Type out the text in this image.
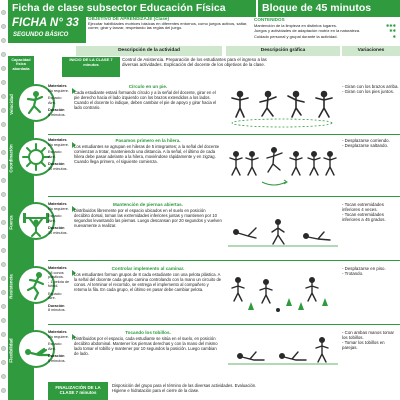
Ficha de clase subsector Educación Física	Bloque de 45 minutos
FICHA N° 33
SEGUNDO BÁSICO
OBJETIVO DE APRENDIZAJE (Clase)
Ejecutar habilidades motrices básicas en diferentes entornos, como juegos activos, saltar, correr, girar y lanzar, respetando las reglas del juego.
CONTENIDOS
Mantención de la limpieza en distintos lugares.	✱✱✱
Juegos y actividades de adaptación motriz en la naturaleza.	✱✱
Cuidado personal y grupal durante la actividad.	✱
Descripción de la actividad	Descripción gráfica	Variaciones
Capacidad física abordada
INICIO DE LA CLASE 7 minutos
Control de Asistencia. Preparación de los estudiantes para el ingreso a las diversas actividades. Explicación del docente de los objetivos de la clase.
Velocidad
Materiales
No requiere.
Espacio Aire.
Duración
8 minutos.
Círculo en un pie.

Cada estudiante estará formando círculo y a la señal del docente, girar en el pie derecho hacia el lado izquierdo con los brazos extendidos a los lados. Cuando el docente lo indique, deben cambiar el pie de apoyo y girar hacia el lado contrario.

- Giran con los brazos arriba.
- Giran con los pies juntos.
Coordinación
Materiales
No requiere.
Espacio Aire.
Duración
10 minutos.
Pasamos primero en la hilera.

Los estudiantes se agrupan en hileras de 5 integrantes; a la señal del docente comienzan a trotar, manteniendo una distancia. A la señal, el último de cada hilera debe pasar adelante a la hilera, moviéndose rápidamente y en zigzag. Cuando llega primero, el siguiente comienza.

- Desplazarse corriendo.
- Desplazarse saltando.
Fuerza
Materiales
No requiere.
Espacio Aire.
Duración
10 minutos.
Mantención de piernas abiertas.

Distribuidos libremente por el espacio ubicados en el suelo en posición decúbito dorsal, toman las extremidades inferiores juntas y mantienen por 10 segundos levantando las piernas. Luego descansan por 20 segundos y vuelven nuevamente a realizar.

- Tocan extremidades inferiores 4 veces.
- Tocan extremidades inferiores a 45 grados.
Resistencia
Materiales
- 8 conos plásticos.
- 1 pelota de fútbol.
Espacio Aire.
Duración
8 minutos.
Controlar implemento al caminar.

Los estudiantes forman grupos de 8 cada estudiante con una pelota plástica. A la señal del docente cada grupo camina controlando con la mano un circuito de conos. Al terminar el recorrido, se entrega el implemento al compañero y retoma la fila. En cada grupo, el último en pasar debe cambiar pelota.

- Desplazarse en piso.
- Trotando.
Flexibilidad
Materiales
No requiere.
Espacio Aire.
Duración
5 minutos.
Tocando los tobillos.

Distribuidos por el espacio, cada estudiante se sitúa en el suelo, en posición decúbito abdominal. Mantener los piernas derechas y con la mano del mismo lado tomar el tobillo y mantener por 10 segundos la posición. Luego cambian de lado.

- Con ambas manos tomar los tobillos.
- Tomar los tobillos en parejas.
FINALIZACIÓN DE LA CLASE 7 minutos
Disposición del grupo para el término de las diversas actividades. Evaluación. Higiene e hidratación para el cierre de la clase.
